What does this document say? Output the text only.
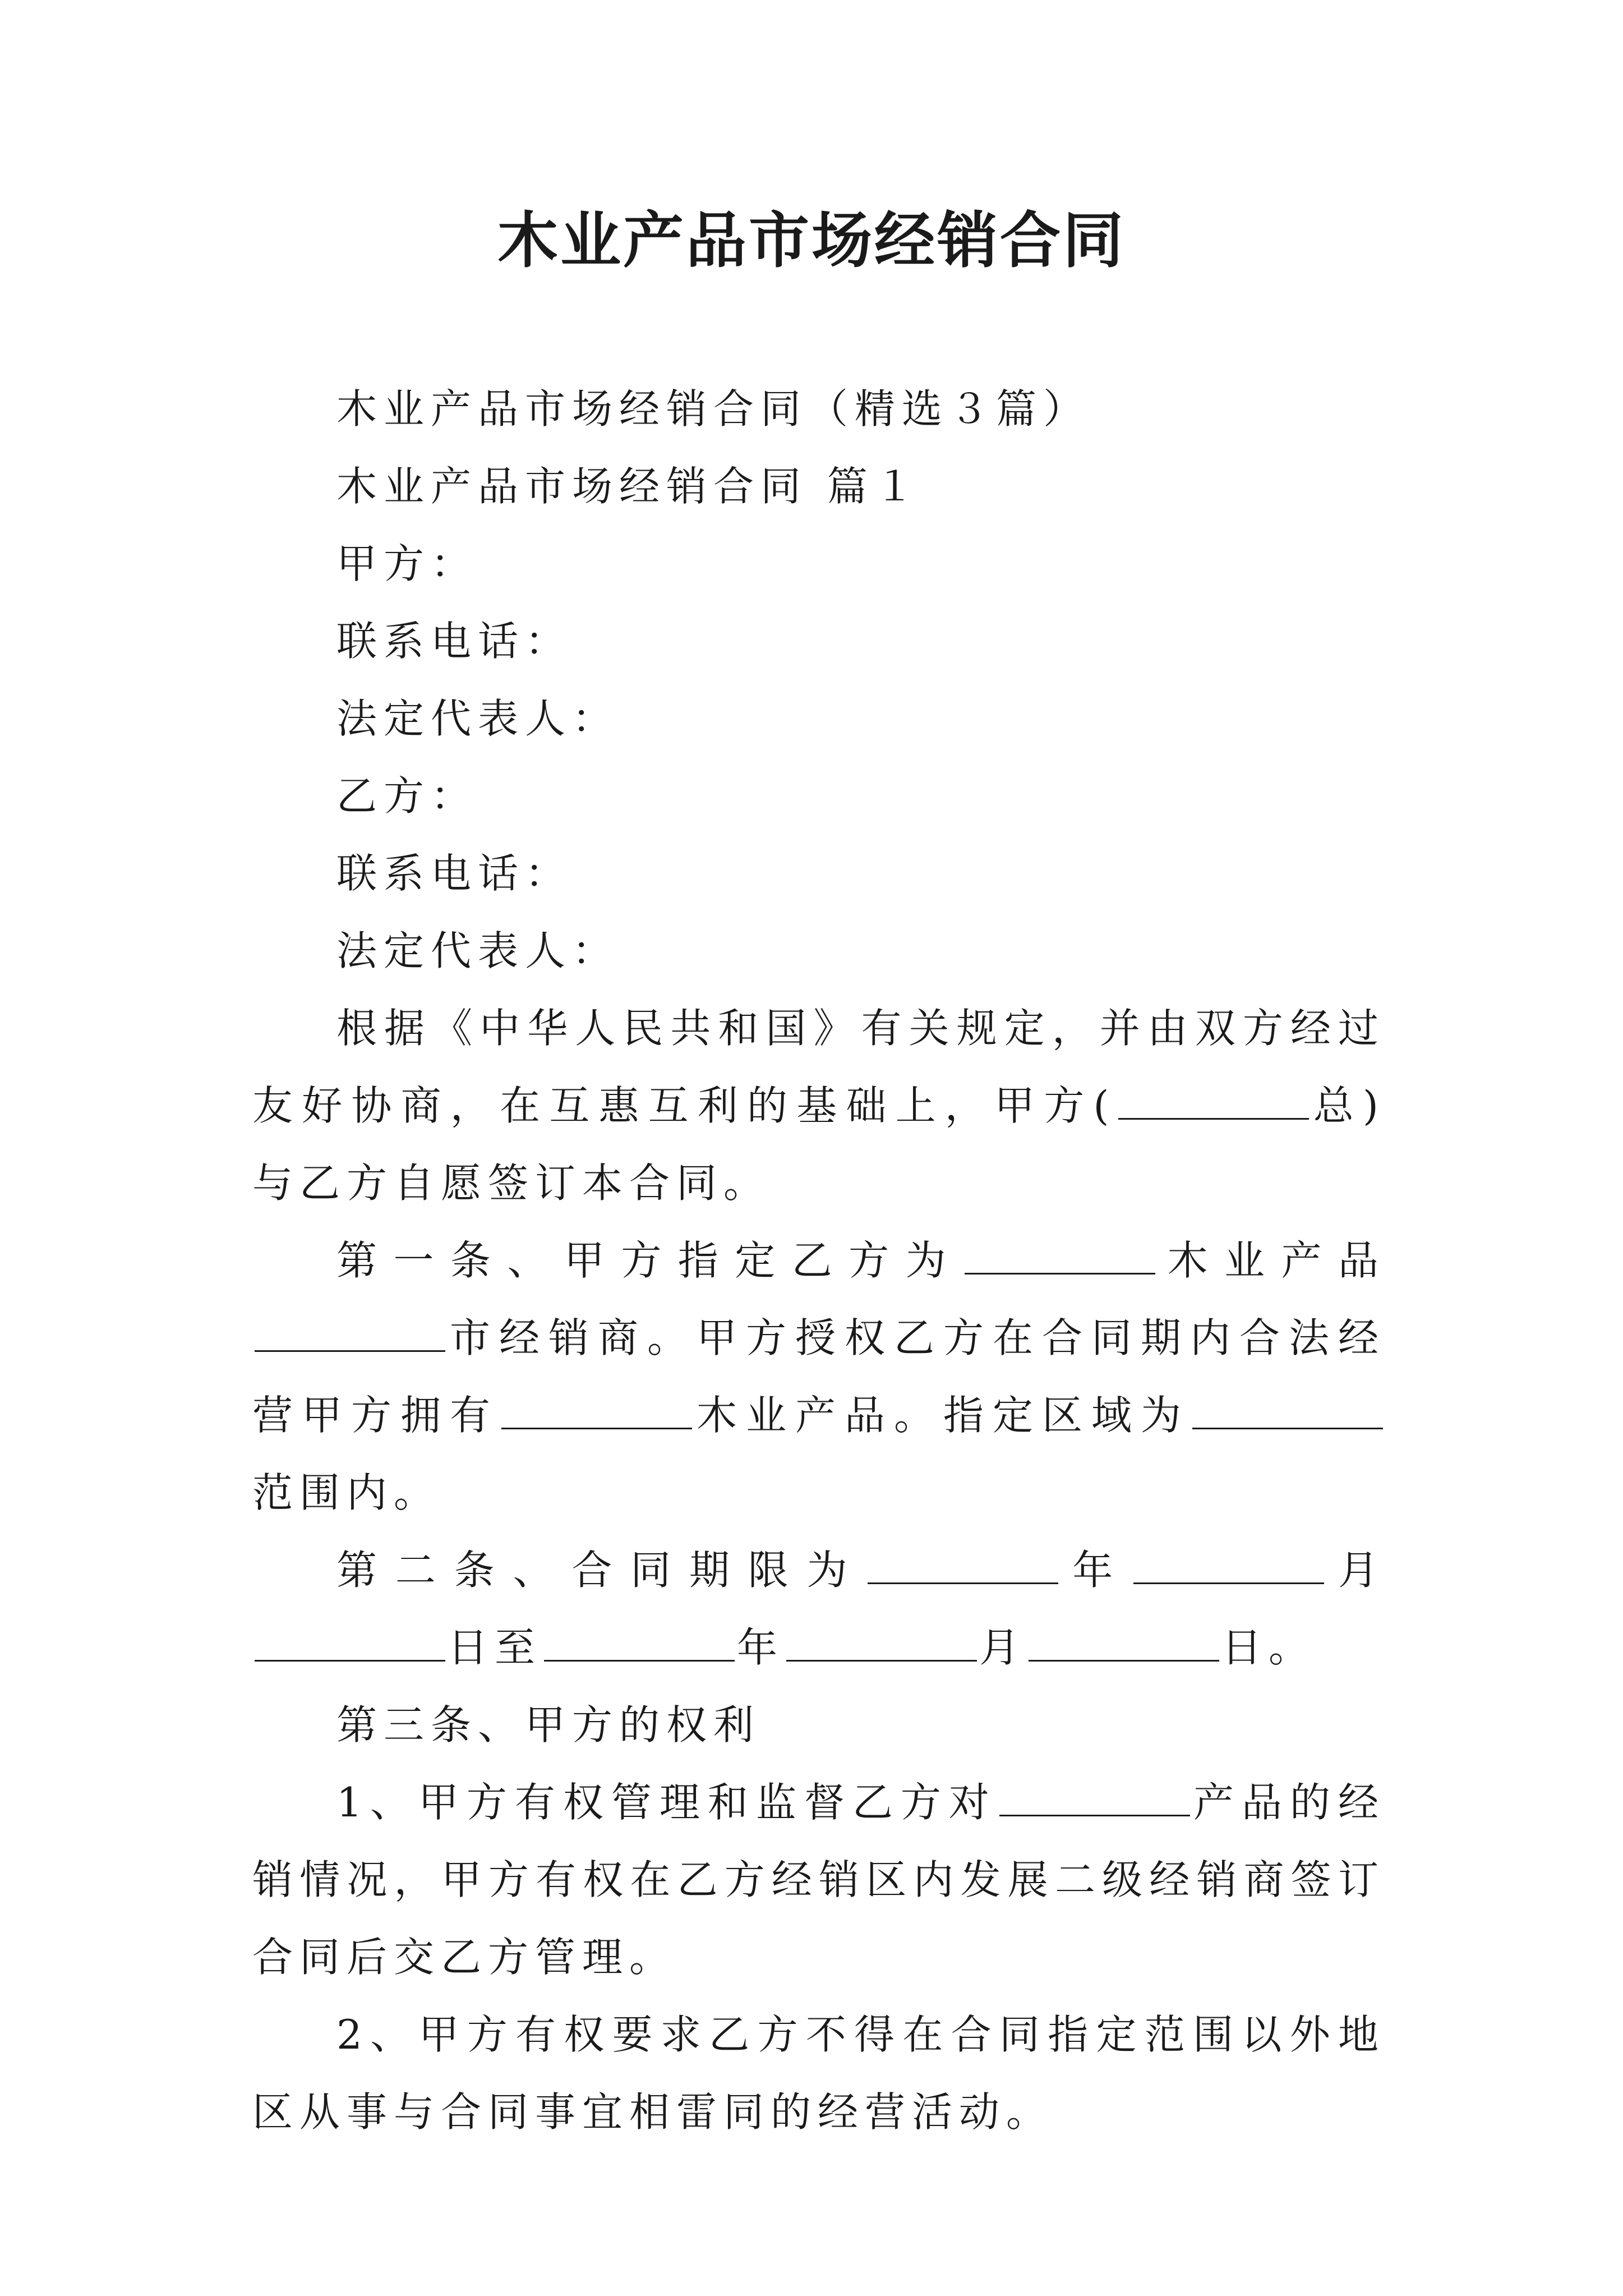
木业产品市场经销合同

木业产品市场经销合同（精选３篇）

木业产品市场经销合同 篇１

甲方：

联系电话：

法定代表人：

乙方：

联系电话：

法定代表人：

根据《中华人民共和国》有关规定，并由双方经过友好协商，在互惠互利的基础上，甲方(	总)与乙方自愿签订本合同。

第一条、甲方指定乙方为	木业产品市经销商。甲方授权乙方在合同期内合法经营甲方拥有	木业产品。指定区域为范围内。

第二条、合同期限为	年	月日至	年	月	日。

第三条、甲方的权利

1、甲方有权管理和监督乙方对	产品的经销情况，甲方有权在乙方经销区内发展二级经销商签订合同后交乙方管理。

2、甲方有权要求乙方不得在合同指定范围以外地区从事与合同事宜相雷同的经营活动。
